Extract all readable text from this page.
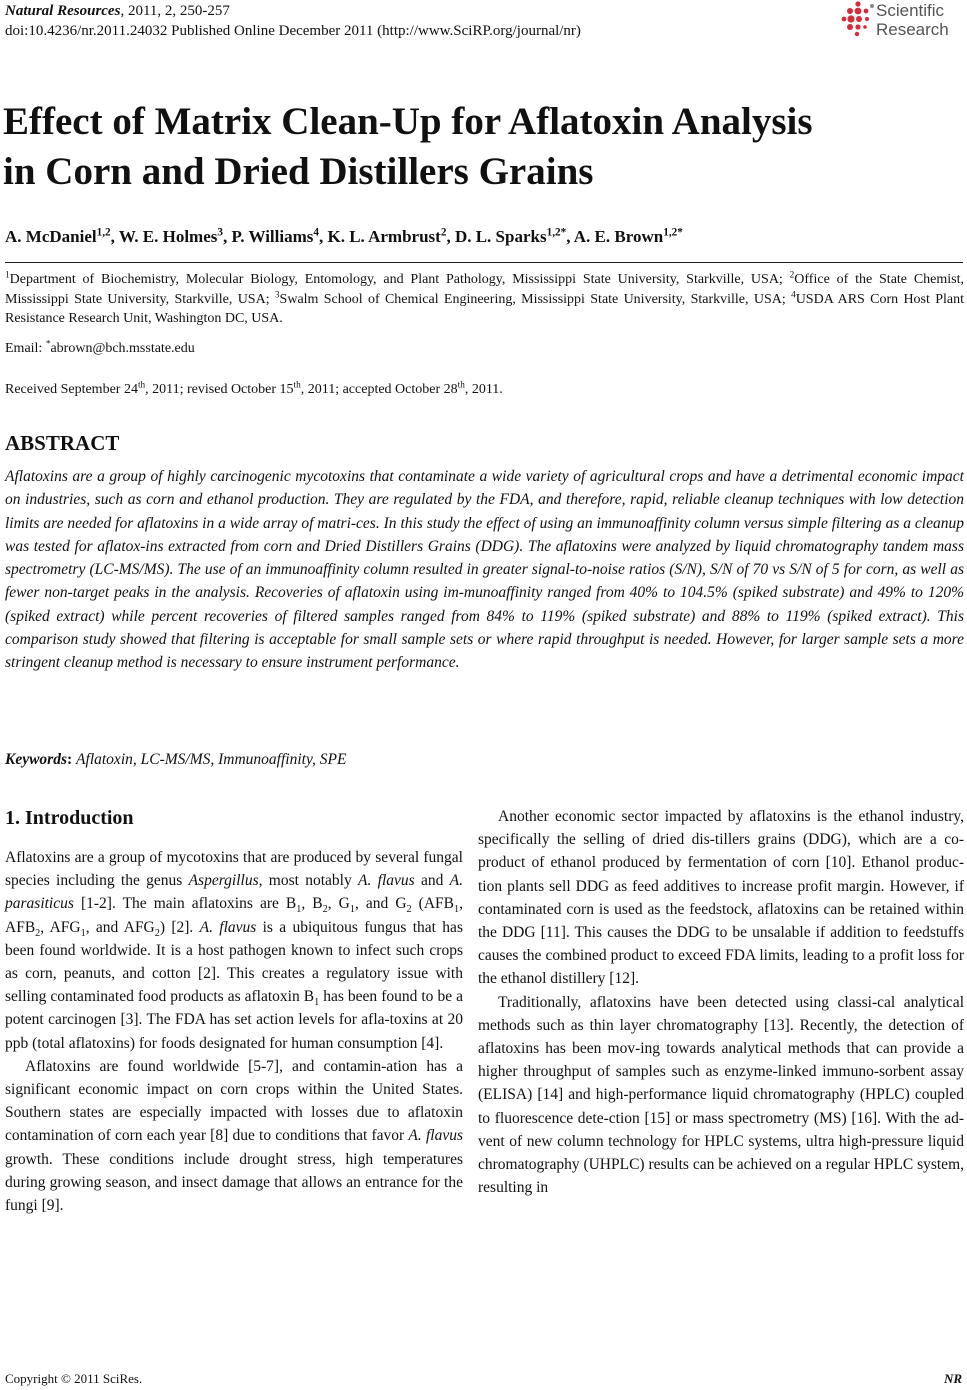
Natural Resources, 2011, 2, 250-257
doi:10.4236/nr.2011.24032 Published Online December 2011 (http://www.SciRP.org/journal/nr)
Scientific
Research
Effect of Matrix Clean-Up for Aflatoxin Analysis
in Corn and Dried Distillers Grains
A. McDaniel$^{1,2}$, W. E. Holmes$^3$, P. Williams$^4$, K. L. Armbrust$^2$, D. L. Sparks$^{1,2*}$, A. E. Brown$^{1,2*}$
$^1$Department of Biochemistry, Molecular Biology, Entomology, and Plant Pathology, Mississippi State University, Starkville, USA; $^2$Office of the State Chemist, Mississippi State University, Starkville, USA; $^3$Swalm School of Chemical Engineering, Mississippi State University, Starkville, USA; $^4$USDA ARS Corn Host Plant Resistance Research Unit, Washington DC, USA.
Email: *abrown@bch.msstate.edu
Received September 24th, 2011; revised October 15th, 2011; accepted October 28th, 2011.
ABSTRACT
Aflatoxins are a group of highly carcinogenic mycotoxins that contaminate a wide variety of agricultural crops and have a detrimental economic impact on industries, such as corn and ethanol production. They are regulated by the FDA, and therefore, rapid, reliable cleanup techniques with low detection limits are needed for aflatoxins in a wide array of matri-ces. In this study the effect of using an immunoaffinity column versus simple filtering as a cleanup was tested for aflatox-ins extracted from corn and Dried Distillers Grains (DDG). The aflatoxins were analyzed by liquid chromatography tandem mass spectrometry (LC-MS/MS). The use of an immunoaffinity column resulted in greater signal-to-noise ratios (S/N), S/N of 70 vs S/N of 5 for corn, as well as fewer non-target peaks in the analysis. Recoveries of aflatoxin using im-munoaffinity ranged from 40% to 104.5% (spiked substrate) and 49% to 120% (spiked extract) while percent recoveries of filtered samples ranged from 84% to 119% (spiked substrate) and 88% to 119% (spiked extract). This comparison study showed that filtering is acceptable for small sample sets or where rapid throughput is needed. However, for larger sample sets a more stringent cleanup method is necessary to ensure instrument performance.
Keywords: Aflatoxin, LC-MS/MS, Immunoaffinity, SPE
1. Introduction

Aflatoxins are a group of mycotoxins that are produced by several fungal species including the genus Aspergillus, most notably A. flavus and A. parasiticus [1-2]. The main aflatoxins are $B_1$, $B_2$, $G_1$, and $G_2$ ($AFB_1$, $AFB_2$, $AFG_1$, and $AFG_2$) [2]. A. flavus is a ubiquitous fungus that has been found worldwide. It is a host pathogen known to infect such crops as corn, peanuts, and cotton [2]. This creates a regulatory issue with selling contaminated food products as aflatoxin $B_1$ has been found to be a potent carcinogen [3]. The FDA has set action levels for afla-toxins at 20 ppb (total aflatoxins) for foods designated for human consumption [4].

Aflatoxins are found worldwide [5-7], and contamin-ation has a significant economic impact on corn crops within the United States. Southern states are especially impacted with losses due to aflatoxin contamination of corn each year [8] due to conditions that favor A. flavus growth. These conditions include drought stress, high temperatures during growing season, and insect damage that allows an entrance for the fungi [9].

Another economic sector impacted by aflatoxins is the ethanol industry, specifically the selling of dried dis-tillers grains (DDG), which are a co-product of ethanol produced by fermentation of corn [10]. Ethanol produc-tion plants sell DDG as feed additives to increase profit margin. However, if contaminated corn is used as the feedstock, aflatoxins can be retained within the DDG [11]. This causes the DDG to be unsalable if addition to feedstuffs causes the combined product to exceed FDA limits, leading to a profit loss for the ethanol distillery [12].

Traditionally, aflatoxins have been detected using classi-cal analytical methods such as thin layer chromatography [13]. Recently, the detection of aflatoxins has been mov-ing towards analytical methods that can provide a higher throughput of samples such as enzyme-linked immuno-sorbent assay (ELISA) [14] and high-performance liquid chromatography (HPLC) coupled to fluorescence dete-ction [15] or mass spectrometry (MS) [16]. With the ad-vent of new column technology for HPLC systems, ultra high-pressure liquid chromatography (UHPLC) results can be achieved on a regular HPLC system, resulting in

Copyright © 2011 SciRes.	NR
